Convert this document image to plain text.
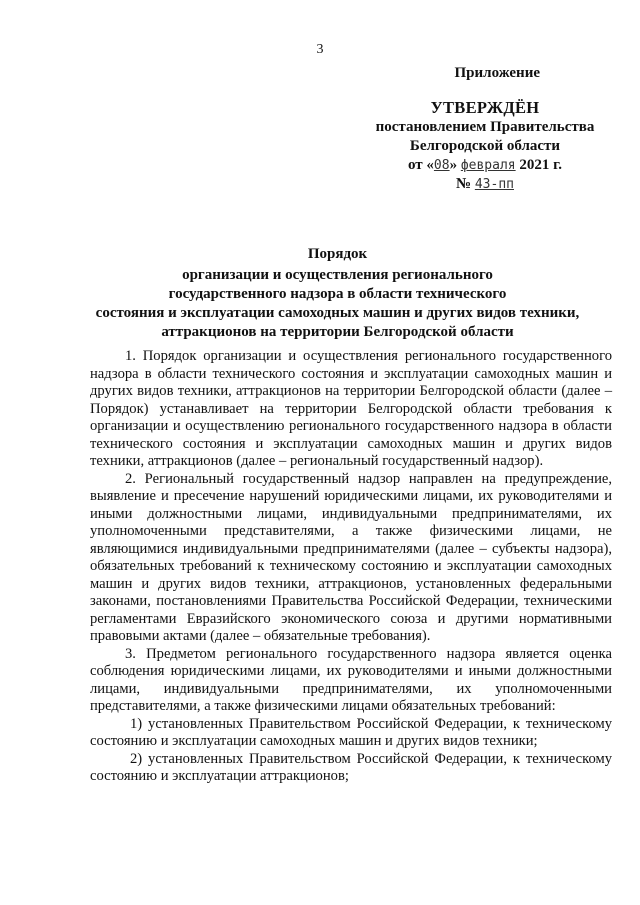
3
Приложение
УТВЕРЖДЁН
постановлением Правительства
Белгородской области
от «08» февраля 2021 г.
№ 43-пп
Порядок
организации и осуществления регионального
государственного надзора в области технического
состояния и эксплуатации самоходных машин и других видов техники,
аттракционов на территории Белгородской области

1. Порядок организации и осуществления регионального государственного надзора в области технического состояния и эксплуатации самоходных машин и других видов техники, аттракционов на территории Белгородской области (далее – Порядок) устанавливает на территории Белгородской области требования к организации и осуществлению регионального государственного надзора в области технического состояния и эксплуатации самоходных машин и других видов техники, аттракционов (далее – региональный государственный надзор).

2. Региональный государственный надзор направлен на предупреждение, выявление и пресечение нарушений юридическими лицами, их руководителями и иными должностными лицами, индивидуальными предпринимателями, их уполномоченными представителями, а также физическими лицами, не являющимися индивидуальными предпринимателями (далее – субъекты надзора), обязательных требований к техническому состоянию и эксплуатации самоходных машин и других видов техники, аттракционов, установленных федеральными законами, постановлениями Правительства Российской Федерации, техническими регламентами Евразийского экономического союза и другими нормативными правовыми актами (далее – обязательные требования).

3. Предметом регионального государственного надзора является оценка соблюдения юридическими лицами, их руководителями и иными должностными лицами, индивидуальными предпринимателями, их уполномоченными представителями, а также физическими лицами обязательных требований:

1) установленных Правительством Российской Федерации, к техническому состоянию и эксплуатации самоходных машин и других видов техники;

2) установленных Правительством Российской Федерации, к техническому состоянию и эксплуатации аттракционов;
